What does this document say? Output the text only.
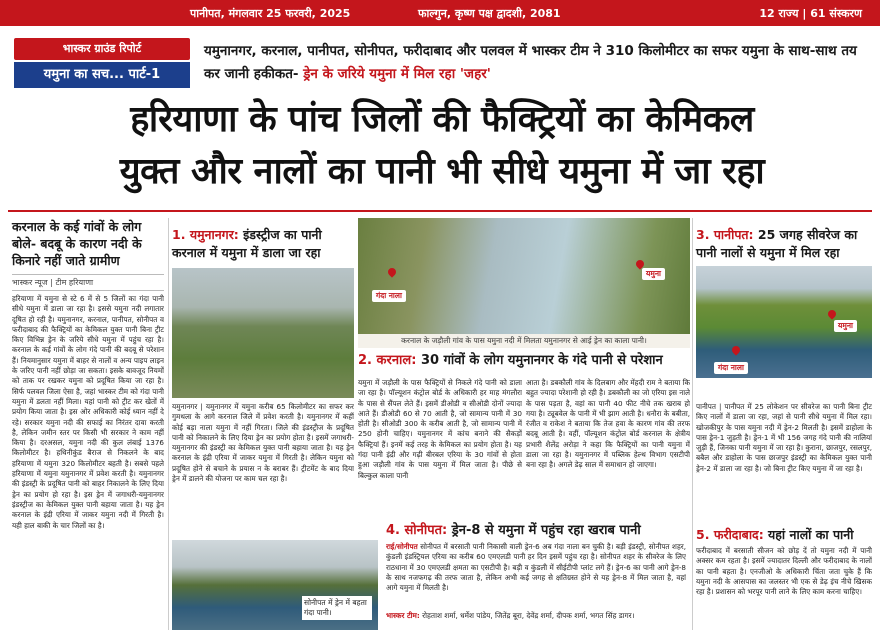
पानीपत, मंगलवार 25 फरवरी, 2025	फाल्गुन, कृष्ण पक्ष द्वादशी, 2081	12 राज्य | 61 संस्करण
भास्कर ग्राउंड रिपोर्ट
यमुना का सच... पार्ट-1
यमुनानगर, करनाल, पानीपत, सोनीपत, फरीदाबाद और पलवल में भास्कर टीम ने 310 किलोमीटर का सफर यमुना के साथ-साथ तय कर जानी हकीकत- ड्रेन के जरिये यमुना में मिल रहा 'जहर'
हरियाणा के पांच जिलों की फैक्ट्रियों का केमिकल
युक्त और नालों का पानी भी सीधे यमुना में जा रहा
करनाल के कई गांवों के लोग बोले- बदबू के कारण नदी के किनारे नहीं जाते ग्रामीण
भास्कर न्यूज | टीम हरियाणा
हरियाणा में यमुना से स्टे 6 में से 5 जिलों का गंदा पानी सीधे यमुना में डाला जा रहा है। इससे यमुना नदी लगातार दूषित हो रही है। यमुनानगर, करनाल, पानीपत, सोनीपत व फरीदाबाद की फैक्ट्रियों का केमिकल युक्त पानी बिना ट्रीट किए विभिन्न ड्रेन के जरिये सीधे यमुना में पहुंच रहा है। करनाल के कई गांवों के लोग गंदे पानी की बदबू से परेशान हैं। नियमानुसार यमुना में बाहर से नालों व अन्य पाइप लाइन के जरिए पानी नहीं छोड़ा जा सकता। इसके बावजूद नियमों को ताक पर रखकर यमुना को प्रदूषित किया जा रहा है। सिर्फ पलवल जिला ऐसा है, जहां भास्कर टीम को गंदा पानी यमुना में डलता नहीं मिला। यहां पानी को ट्रीट कर खेतों में प्रयोग किया जाता है। इस ओर अधिकारी कोई ध्यान नहीं दे रहे। सरकार यमुना नदी की सफाई का निरंतर दावा करती है, लेकिन जमीन स्तर पर किसी भी सरकार ने काम नहीं किया है। दरअसल, यमुना नदी की कुल लंबाई 1376 किलोमीटर है। हथिनीकुंड बैराज से निकलने के बाद हरियाणा में यमुना 320 किलोमीटर बहती है। सबसे पहले हरियाणा में यमुना यमुनानगर में प्रवेश करती है। यमुनानगर की इंडस्ट्री के प्रदूषित पानी को बाहर निकालने के लिए दिया ड्रेन का प्रयोग हो रहा है। इस ड्रेन में जगाधरी-यमुनानगर इंडस्ट्रीज का केमिकल युक्त पानी बहाया जाता है। यह ड्रेन करनाल के इंद्री एरिया में जाकर यमुना नदी में गिरती है। यही हाल बाकी के चार जिलों का है।
1. यमुनानगर: इंडस्ट्रीज का पानी करनाल में यमुना में डाला जा रहा
यमुनानगर | यमुनानगर में यमुना करीब 65 किलोमीटर का सफर कर गुमथला के आगे करनाल जिले में प्रवेश करती है। यमुनानगर में कहीं कोई बड़ा नाला यमुना में नहीं गिरता। जिले की इंडस्ट्रीज के प्रदूषित पानी को निकालने के लिए दिया ड्रेन का प्रयोग होता है। इसमें जगाधरी-यमुनानगर की इंडस्ट्री का केमिकल युक्त पानी बहाया जाता है। यह ड्रेन करनाल के इंद्री एरिया में जाकर यमुना में गिरती है। लेकिन यमुना को प्रदूषित होने से बचाने के प्रयास न के बराबर हैं। ट्रीटमेंट के बाद दिया ड्रेन में डालने की योजना पर काम चल रहा है।
गंदा नाला
यमुना
करनाल के जड़ौली गांव के पास यमुना नदी में मिलता यमुनानगर से आई ड्रेन का काला पानी।
2. करनाल: 30 गांवों के लोग यमुनानगर के गंदे पानी से परेशान
यमुना में जड़ौली के पास फैक्ट्रियों से निकले गंदे पानी को डाला जा रहा है। पॉल्यूशन कंट्रोल बोर्ड के अधिकारी हर माह मंगलौरा के पास से सैंपल लेते हैं। इसमें डीओडी व सीओडी दोनों ज्यादा आते हैं। डीओडी 60 से 70 आती है, जो सामान्य पानी में 30 होती है। सीओडी 300 के करीब आती है, जो सामान्य पानी में 250 होनी चाहिए। यमुनानगर में कांच बनाने की सैकड़ों फैक्ट्रियां हैं। इनमें कई तरह के केमिकल का प्रयोग होता है। यह गंदा पानी इंद्री और गढ़ी बीरबल एरिया के 30 गांवों से होता हुआ जड़ौली गांव के पास यमुना में मिल जाता है। पीछे से बिल्कुल काला पानी
आता है। डबकौली गांव के दिलबाग और मेंहदी राम ने बताया कि बहुत ज्यादा परेशानी हो रही है। डबकौली का जो एरिया इस नाले के पास पड़ता है, वहां का पानी 40 फीट नीचे तक खराब हो गया है। ट्यूबवेल के पानी में भी झाग आती है। धनौरा के बबीता, रंजीत व राकेश ने बताया कि तेज हवा के कारण गांव की तरफ बदबू आती है। वहीं, पॉल्यूशन कंट्रोल बोर्ड करनाल के क्षेत्रीय प्रभारी शैलेंद्र अरोड़ा ने कहा कि फैक्ट्रियों का पानी यमुना में डाला जा रहा है। यमुनानगर में पब्लिक हेल्थ विभाग एसटीपी बना रहा है। अगले डेढ़ साल में समाधान हो जाएगा।
3. पानीपत: 25 जगह सीवरेज का पानी नालों से यमुना में मिल रहा
यमुना
गंदा नाला
पानीपत | पानीपत में 25 लोकेशन पर सीवरेज का पानी बिना ट्रीट किए नालों में डाला जा रहा, जहां से पानी सीधे यमुना में मिल रहा। खोजकीपुर के पास यमुना नदी में ड्रेन-2 मिलती है। इसमें डाहोला के पास ड्रेन-1 जुड़ती है। ड्रेन-1 में भी 156 जगह गंदे पानी की नालियां जुड़ी हैं, जिनका पानी यमुना में जा रहा है। कुराना, छाजपुर, रसलपुर, बबैल और डाहोला के पास छाजपुर इंडस्ट्री का केमिकल युक्त पानी ड्रेन-2 में डाला जा रहा है। जो बिना ट्रीट किए यमुना में जा रहा है।
सोनीपत में ड्रेन में बहता गंदा पानी।
4. सोनीपत: ड्रेन-8 से यमुना में पहुंच रहा खराब पानी
राई/सोनीपत सोनीपत में बरसाती पानी निकासी वाली ड्रेन-6 अब गंदा नाला बन चुकी है। बड़ी इंडस्ट्री, सोनीपत शहर, कुंडली इंडस्ट्रियल एरिया का करीब 60 एमएलडी पानी हर दिन इसमें पहुंच रहा है। सोनीपत शहर के सीवरेज के लिए राठधाना में 30 एमएलडी क्षमता का एसटीपी है। बड़ी व कुंडली में सीईटीपी प्लांट लगे हैं। ड्रेन-6 का पानी आगे ड्रेन-8 के साथ नजफगढ़ की तरफ जाता है, लेकिन अभी कई जगह से क्षतिग्रस्त होने से यह ड्रेन-8 में मिल जाता है, वहां आगे यमुना में मिलती है।
भास्कर टीम: रोहताश शर्मा, धर्मेश पांडेय, जितेंद्र बूरा, देवेंद्र शर्मा, दीपक शर्मा, भगत सिंह डागर।
5. फरीदाबाद: यहां नालों का पानी
फरीदाबाद में बरसाती सीजन को छोड़ दें तो यमुना नदी में पानी अक्सर कम रहता है। इसमें ज्यादातर दिल्ली और फरीदाबाद के नालों का पानी बहता है। एनजीओ के अधिकारी चिंता जता चुके हैं कि यमुना नदी के आसपास का जलस्तर भी एक से डेढ़ इंच नीचे खिसक रहा है। प्रशासन को भरपूर पानी लाने के लिए काम करना चाहिए।
